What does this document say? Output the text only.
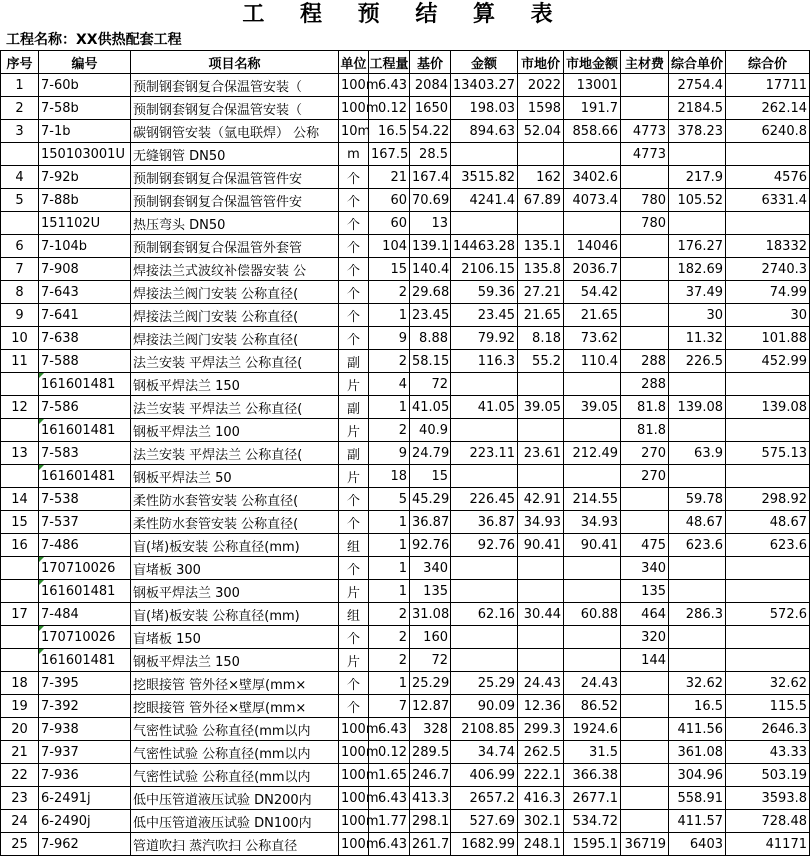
工 程 预 结 算 表
工程名称：XX供热配套工程
序号	编号	项目名称	单位	工程量	基价	金额	市地价	市地金额	主材费	综合单价	综合价
1	7-60b	预制钢套钢复合保温管安装（	100m	6.43	2084	13403.27	2022	13001		2754.4	17711
2	7-58b	预制钢套钢复合保温管安装（	100m	0.12	1650	198.03	1598	191.7		2184.5	262.14
3	7-1b	碳钢钢管安装（氩电联焊） 公称	10m	16.5	54.22	894.63	52.04	858.66	4773	378.23	6240.8
	150103001U	无缝钢管 DN50	m	167.5	28.5				4773		
4	7-92b	预制钢套钢复合保温管管件安	个	21	167.4	3515.82	162	3402.6		217.9	4576
5	7-88b	预制钢套钢复合保温管管件安	个	60	70.69	4241.4	67.89	4073.4	780	105.52	6331.4
	151102U	热压弯头 DN50	个	60	13				780		
6	7-104b	预制钢套钢复合保温管外套管	个	104	139.1	14463.28	135.1	14046		176.27	18332
7	7-908	焊接法兰式波纹补偿器安装 公	个	15	140.4	2106.15	135.8	2036.7		182.69	2740.3
8	7-643	焊接法兰阀门安装 公称直径(	个	2	29.68	59.36	27.21	54.42		37.49	74.99
9	7-641	焊接法兰阀门安装 公称直径(	个	1	23.45	23.45	21.65	21.65		30	30
10	7-638	焊接法兰阀门安装 公称直径(	个	9	8.88	79.92	8.18	73.62		11.32	101.88
11	7-588	法兰安装 平焊法兰 公称直径(	副	2	58.15	116.3	55.2	110.4	288	226.5	452.99
	161601481	钢板平焊法兰 150	片	4	72				288		
12	7-586	法兰安装 平焊法兰 公称直径(	副	1	41.05	41.05	39.05	39.05	81.8	139.08	139.08
	161601481	钢板平焊法兰 100	片	2	40.9				81.8		
13	7-583	法兰安装 平焊法兰 公称直径(	副	9	24.79	223.11	23.61	212.49	270	63.9	575.13
	161601481	钢板平焊法兰 50	片	18	15				270		
14	7-538	柔性防水套管安装 公称直径(	个	5	45.29	226.45	42.91	214.55		59.78	298.92
15	7-537	柔性防水套管安装 公称直径(	个	1	36.87	36.87	34.93	34.93		48.67	48.67
16	7-486	盲(堵)板安装 公称直径(mm)	组	1	92.76	92.76	90.41	90.41	475	623.6	623.6
	170710026	盲堵板 300	个	1	340				340		
	161601481	钢板平焊法兰 300	片	1	135				135		
17	7-484	盲(堵)板安装 公称直径(mm)	组	2	31.08	62.16	30.44	60.88	464	286.3	572.6
	170710026	盲堵板 150	个	2	160				320		
	161601481	钢板平焊法兰 150	片	2	72				144		
18	7-395	挖眼接管 管外径×壁厚(mm×	个	1	25.29	25.29	24.43	24.43		32.62	32.62
19	7-392	挖眼接管 管外径×壁厚(mm×	个	7	12.87	90.09	12.36	86.52		16.5	115.5
20	7-938	气密性试验 公称直径(mm以内	100m	6.43	328	2108.85	299.3	1924.6		411.56	2646.3
21	7-937	气密性试验 公称直径(mm以内	100m	0.12	289.5	34.74	262.5	31.5		361.08	43.33
22	7-936	气密性试验 公称直径(mm以内	100m	1.65	246.7	406.99	222.1	366.38		304.96	503.19
23	6-2491j	低中压管道液压试验 DN200内	100m	6.43	413.3	2657.2	416.3	2677.1		558.91	3593.8
24	6-2490j	低中压管道液压试验 DN100内	100m	1.77	298.1	527.69	302.1	534.72		411.57	728.48
25	7-962	管道吹扫 蒸汽吹扫 公称直径	100m	6.43	261.7	1682.99	248.1	1595.1	36719	6403	41171
